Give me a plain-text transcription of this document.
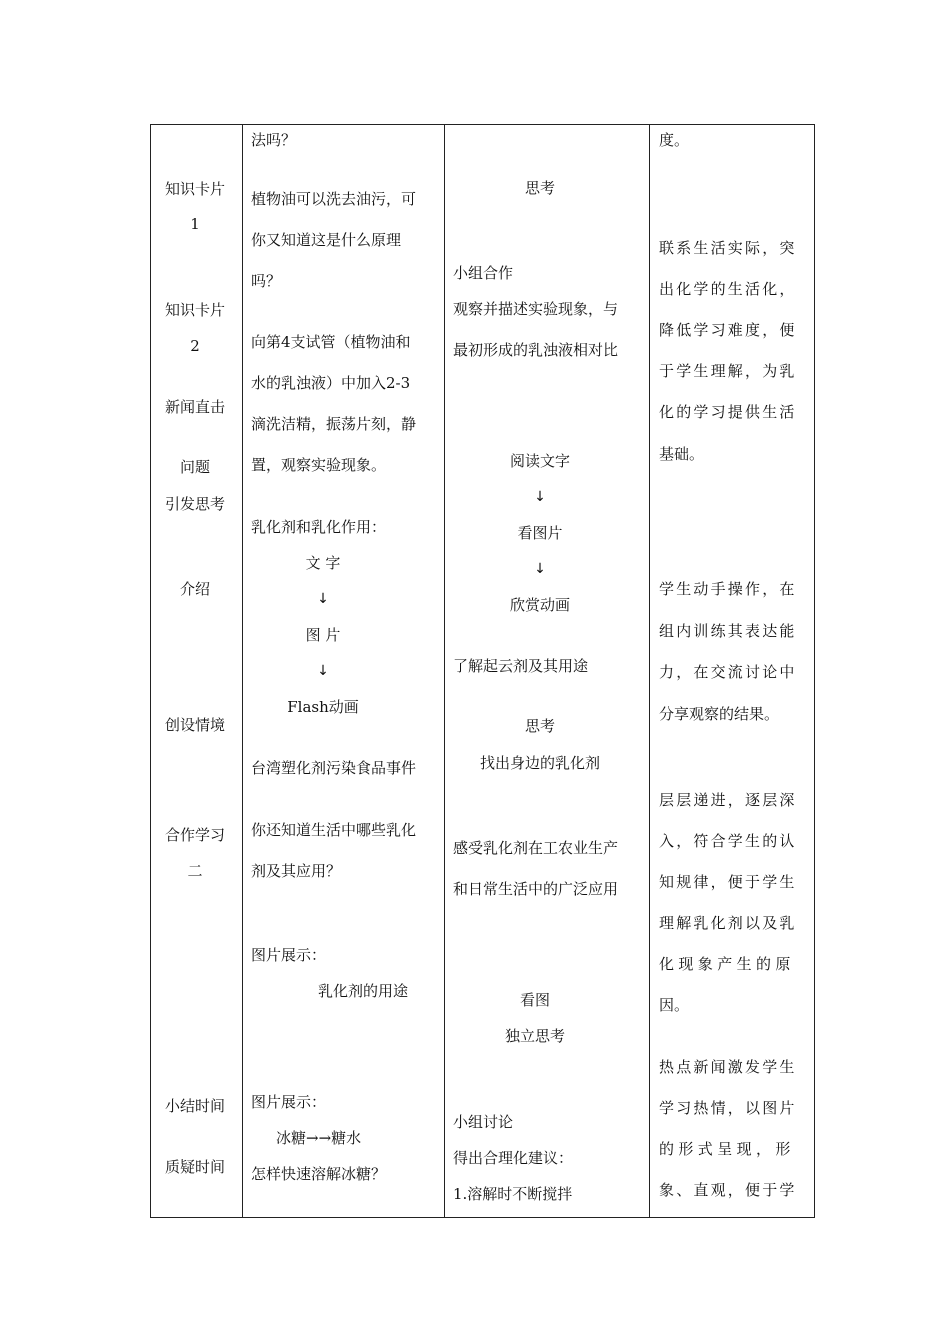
知识卡片
1
知识卡片
2
新闻直击
问题
引发思考
介绍
创设情境
合作学习
二
小结时间
质疑时间
法吗？
植物油可以洗去油污，可
你又知道这是什么原理
吗？
向第4支试管（植物油和
水的乳浊液）中加入2-3
滴洗洁精，振荡片刻，静
置，观察实验现象。
乳化剂和乳化作用：
文 字
↓
图 片
↓
Flash动画
台湾塑化剂污染食品事件
你还知道生活中哪些乳化
剂及其应用？
图片展示：
乳化剂的用途
图片展示：
冰糖→→糖水
怎样快速溶解冰糖？
思考
小组合作
观察并描述实验现象，与
最初形成的乳浊液相对比
阅读文字
↓
看图片
↓
欣赏动画
了解起云剂及其用途
思考
找出身边的乳化剂
感受乳化剂在工农业生产
和日常生活中的广泛应用
看图
独立思考
小组讨论
得出合理化建议：
1.溶解时不断搅拌
度。
联系生活实际，突
出化学的生活化，
降低学习难度，便
于学生理解，为乳
化的学习提供生活
基础。
学生动手操作，在
组内训练其表达能
力，在交流讨论中
分享观察的结果。
层层递进，逐层深
入，符合学生的认
知规律，便于学生
理解乳化剂以及乳
化现象产生的原
因。
热点新闻激发学生
学习热情，以图片
的形式呈现，形
象、直观，便于学
